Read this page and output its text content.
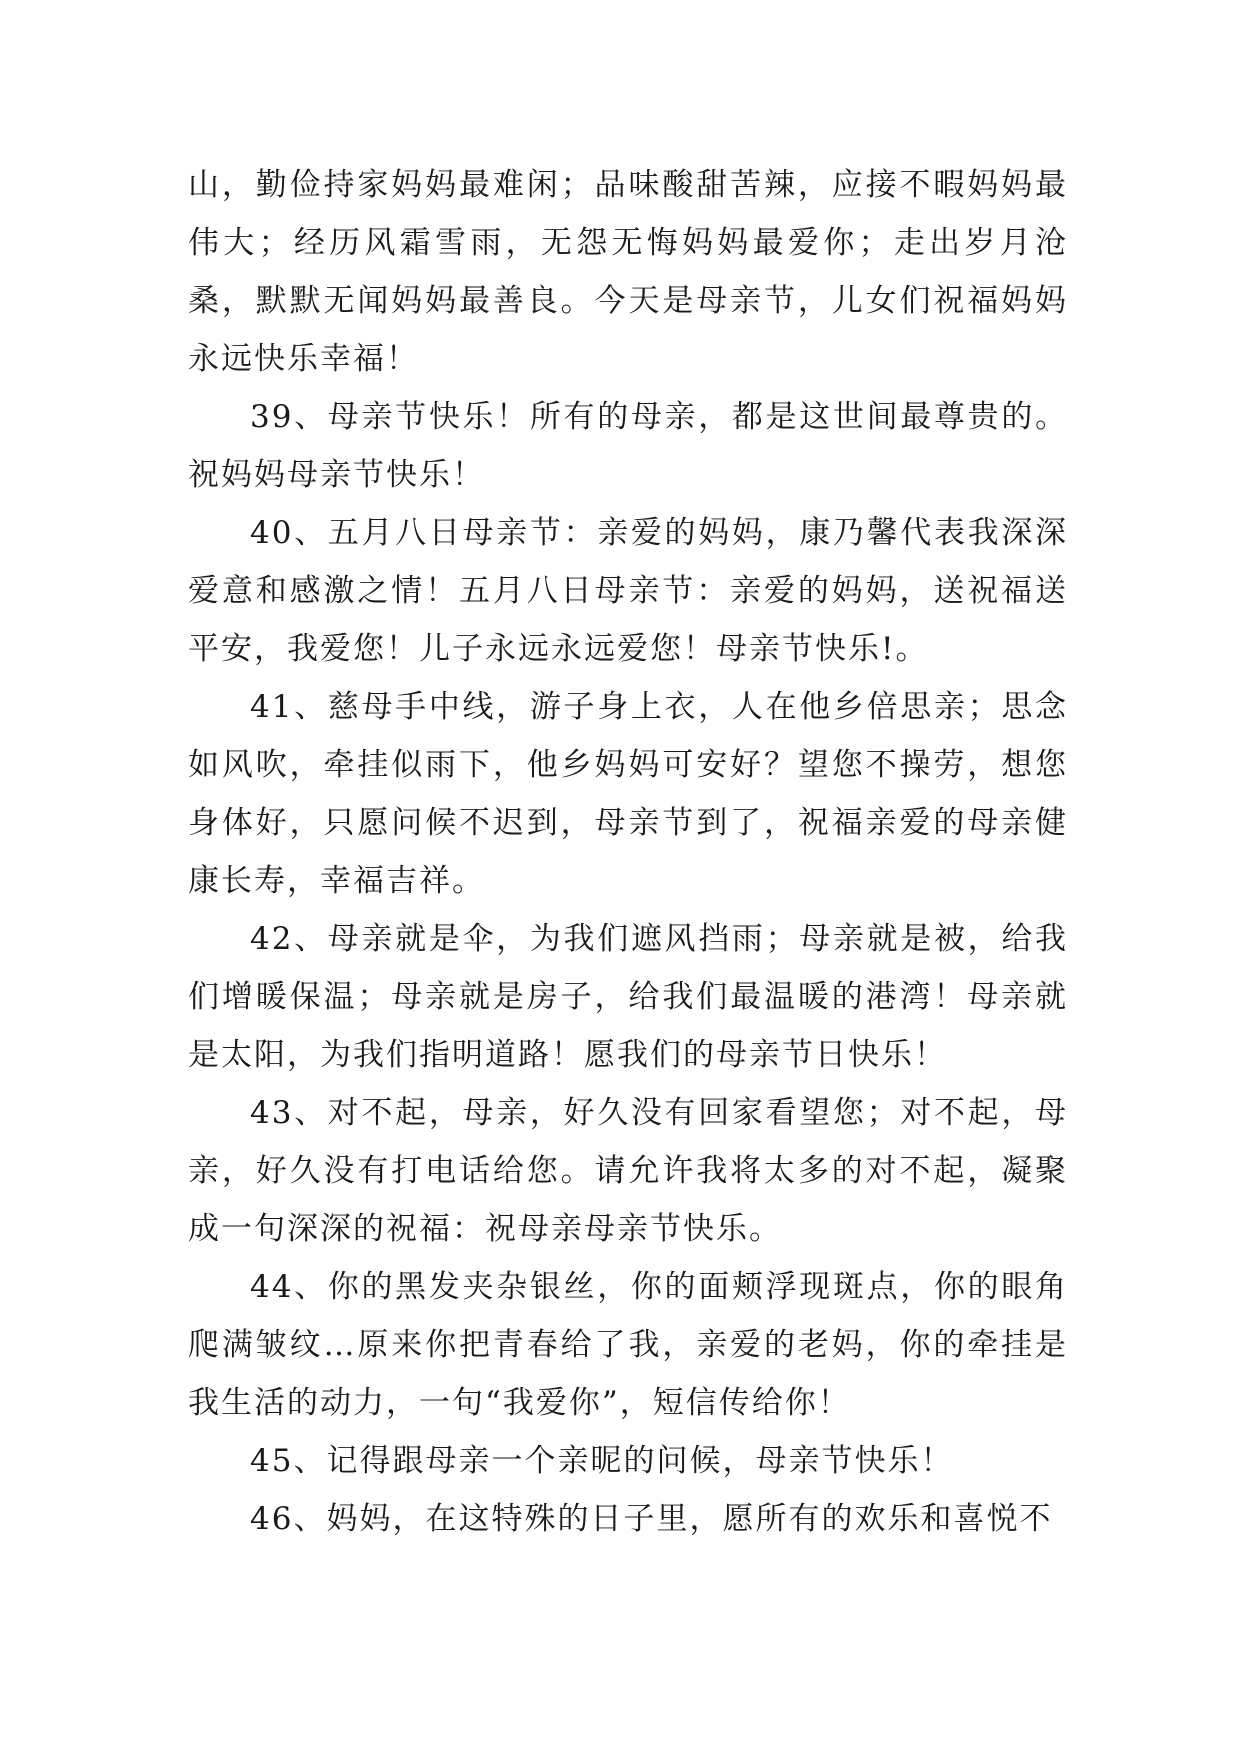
山，勤俭持家妈妈最难闲；品味酸甜苦辣，应接不暇妈妈最伟大；经历风霜雪雨，无怨无悔妈妈最爱你；走出岁月沧桑，默默无闻妈妈最善良。今天是母亲节，儿女们祝福妈妈永远快乐幸福！

39、母亲节快乐！所有的母亲，都是这世间最尊贵的。祝妈妈母亲节快乐！

40、五月八日母亲节：亲爱的妈妈，康乃馨代表我深深爱意和感激之情！五月八日母亲节：亲爱的妈妈，送祝福送平安，我爱您！儿子永远永远爱您！母亲节快乐!。

41、慈母手中线，游子身上衣，人在他乡倍思亲；思念如风吹，牵挂似雨下，他乡妈妈可安好？望您不操劳，想您身体好，只愿问候不迟到，母亲节到了，祝福亲爱的母亲健康长寿，幸福吉祥。

42、母亲就是伞，为我们遮风挡雨；母亲就是被，给我们增暖保温；母亲就是房子，给我们最温暖的港湾！母亲就是太阳，为我们指明道路！愿我们的母亲节日快乐！

43、对不起，母亲，好久没有回家看望您；对不起，母亲，好久没有打电话给您。请允许我将太多的对不起，凝聚成一句深深的祝福：祝母亲母亲节快乐。

44、你的黑发夹杂银丝，你的面颊浮现斑点，你的眼角爬满皱纹…原来你把青春给了我，亲爱的老妈，你的牵挂是我生活的动力，一句“我爱你”，短信传给你！

45、记得跟母亲一个亲昵的问候，母亲节快乐！

46、妈妈，在这特殊的日子里，愿所有的欢乐和喜悦不
